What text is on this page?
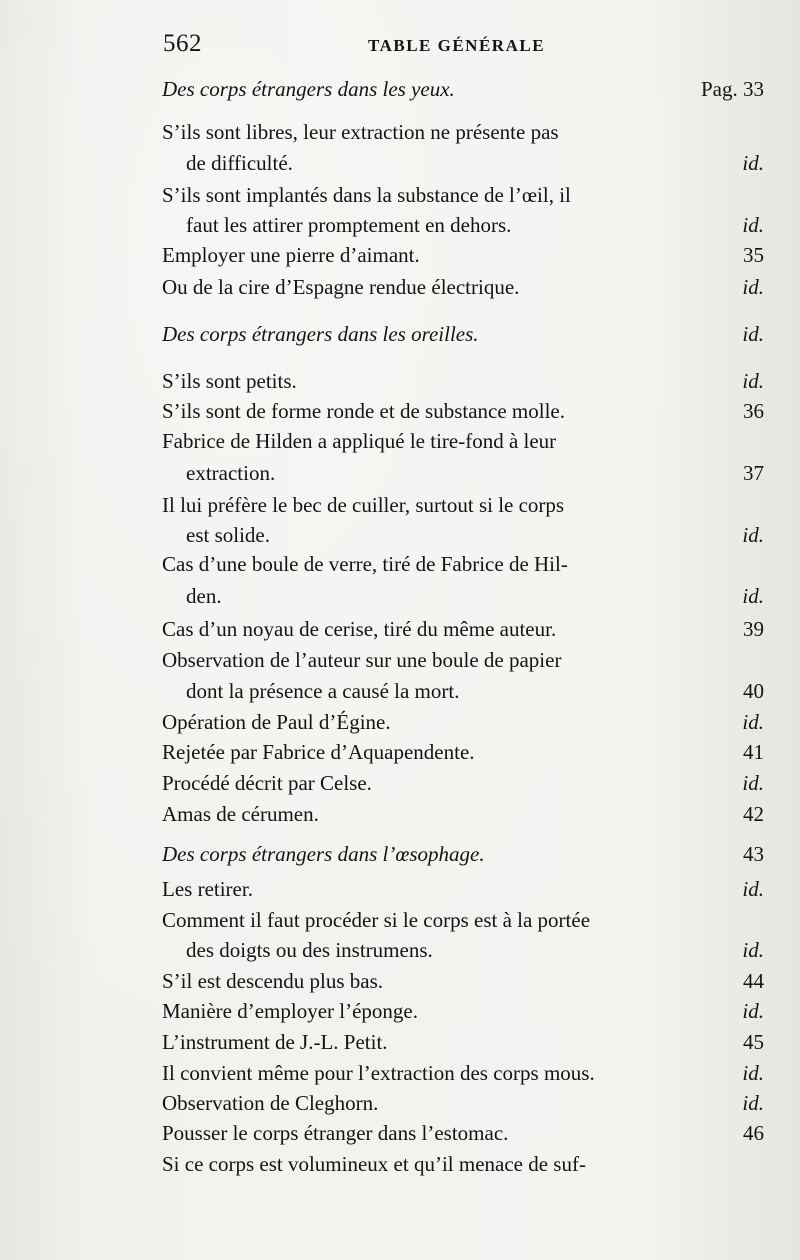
562	TABLE GÉNÉRALE
Des corps étrangers dans les yeux.	Pag. 33
S’ils sont libres, leur extraction ne présente pas
de difficulté.	id.
S’ils sont implantés dans la substance de l’œil, il
faut les attirer promptement en dehors.	id.
Employer une pierre d’aimant.	35
Ou de la cire d’Espagne rendue électrique.	id.
Des corps étrangers dans les oreilles.	id.
S’ils sont petits.	id.
S’ils sont de forme ronde et de substance molle.	36
Fabrice de Hilden a appliqué le tire-fond à leur
extraction.	37
Il lui préfère le bec de cuiller, surtout si le corps
est solide.	id.
Cas d’une boule de verre, tiré de Fabrice de Hil-
den.	id.
Cas d’un noyau de cerise, tiré du même auteur.	39
Observation de l’auteur sur une boule de papier
dont la présence a causé la mort.	40
Opération de Paul d’Égine.	id.
Rejetée par Fabrice d’Aquapendente.	41
Procédé décrit par Celse.	id.
Amas de cérumen.	42
Des corps étrangers dans l’œsophage.	43
Les retirer.	id.
Comment il faut procéder si le corps est à la portée
des doigts ou des instrumens.	id.
S’il est descendu plus bas.	44
Manière d’employer l’éponge.	id.
L’instrument de J.-L. Petit.	45
Il convient même pour l’extraction des corps mous.	id.
Observation de Cleghorn.	id.
Pousser le corps étranger dans l’estomac.	46
Si ce corps est volumineux et qu’il menace de suf-
